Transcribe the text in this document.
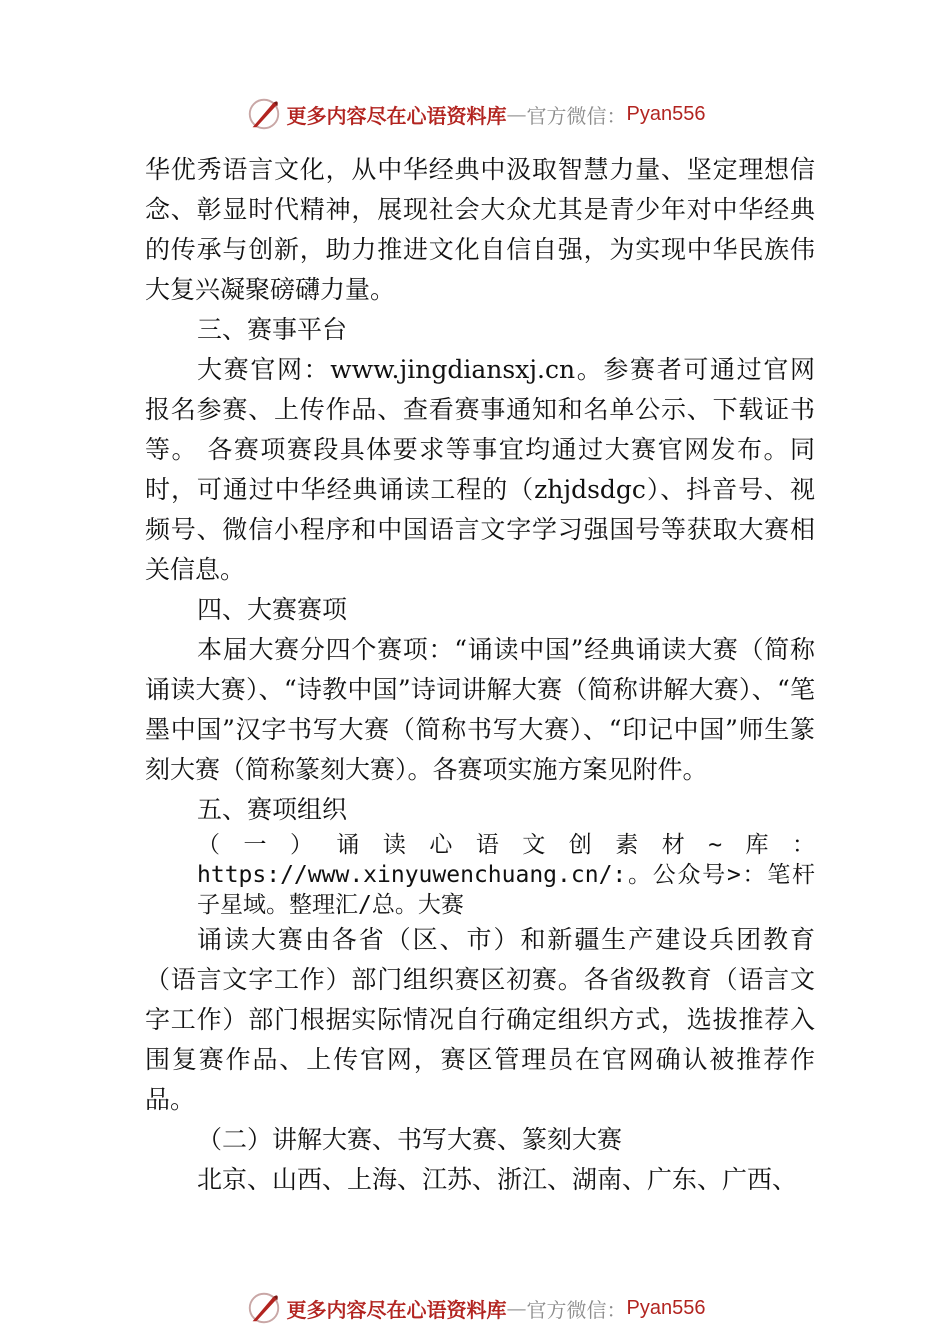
更多内容尽在心语资料库 — 官方微信： Pyan556

华优秀语言文化，从中华经典中汲取智慧力量、坚定理想信念、彰显时代精神，展现社会大众尤其是青少年对中华经典的传承与创新，助力推进文化自信自强，为实现中华民族伟大复兴凝聚磅礴力量。

三、赛事平台

大赛官网：www.jingdiansxj.cn。参赛者可通过官网报名参赛、上传作品、查看赛事通知和名单公示、下载证书等。 各赛项赛段具体要求等事宜均通过大赛官网发布。同时，可通过中华经典诵读工程的（zhjdsdgc）、抖音号、视频号、微信小程序和中国语言文字学习强国号等获取大赛相关信息。

四、大赛赛项

本届大赛分四个赛项：“诵读中国”经典诵读大赛（简称诵读大赛）、“诗教中国”诗词讲解大赛（简称讲解大赛）、“笔墨中国”汉字书写大赛（简称书写大赛）、“印记中国”师生篆刻大赛（简称篆刻大赛）。各赛项实施方案见附件。

五、赛项组织

（一）诵读心语文创素材~库：https://www.xinyuwenchuang.cn/:。公众号>：笔杆子星域。整理汇/总。大赛

诵读大赛由各省（区、市）和新疆生产建设兵团教育（语言文字工作）部门组织赛区初赛。各省级教育（语言文字工作）部门根据实际情况自行确定组织方式，选拔推荐入围复赛作品、上传官网，赛区管理员在官网确认被推荐作品。

（二）讲解大赛、书写大赛、篆刻大赛

北京、山西、上海、江苏、浙江、湖南、广东、广西、

更多内容尽在心语资料库 — 官方微信： Pyan556
